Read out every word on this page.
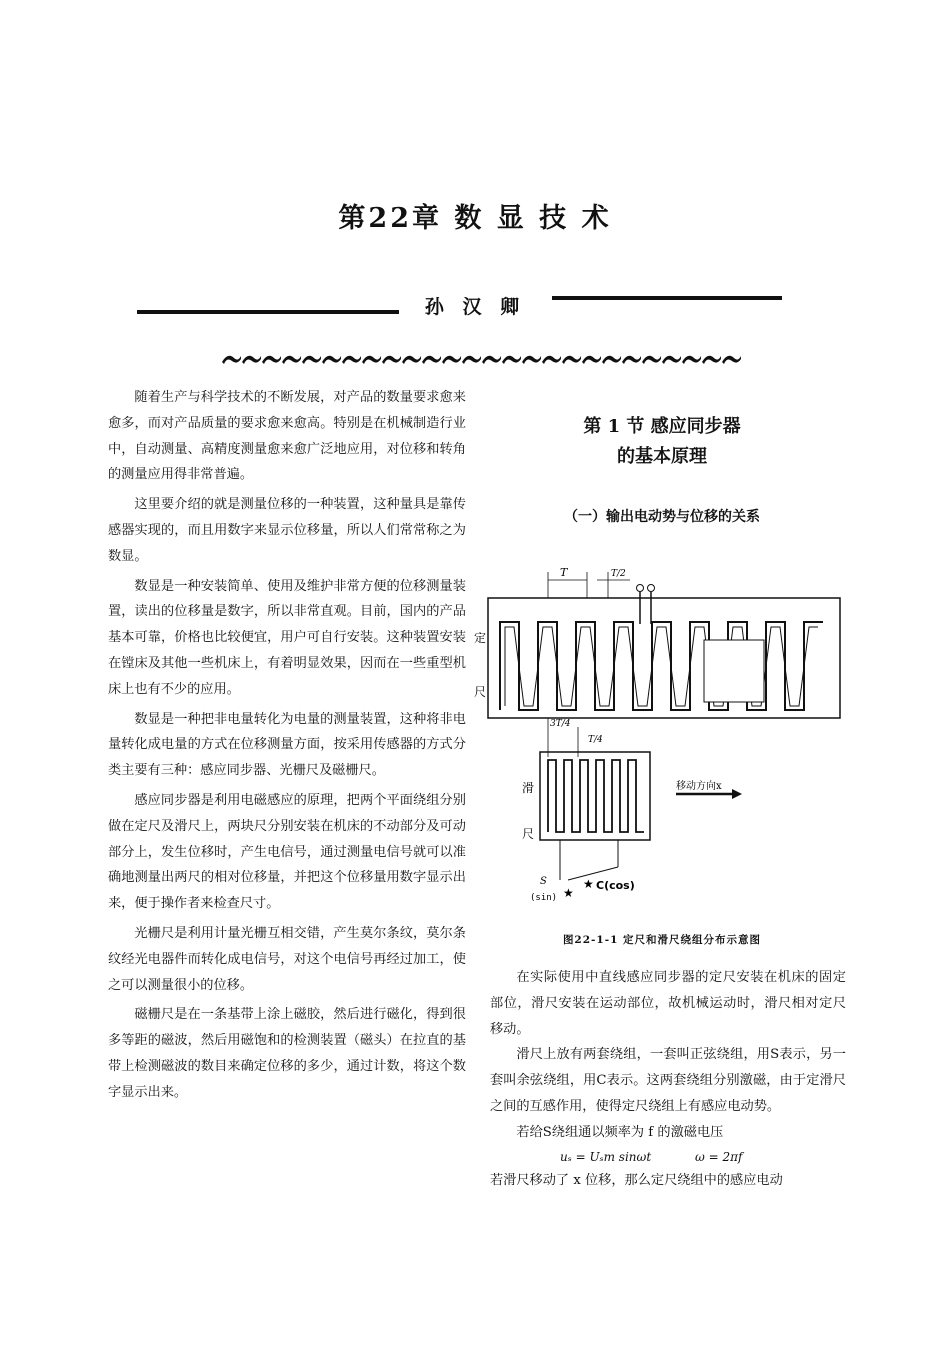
第22章 数 显 技 术
孙 汉 卿

随着生产与科学技术的不断发展，对产品的数量要求愈来愈多，而对产品质量的要求愈来愈高。特别是在机械制造行业中，自动测量、高精度测量愈来愈广泛地应用，对位移和转角的测量应用得非常普遍。

这里要介绍的就是测量位移的一种装置，这种量具是靠传感器实现的，而且用数字来显示位移量，所以人们常常称之为数显。

数显是一种安装简单、使用及维护非常方便的位移测量装置，读出的位移量是数字，所以非常直观。目前，国内的产品基本可靠，价格也比较便宜，用户可自行安装。这种装置安装在镗床及其他一些机床上，有着明显效果，因而在一些重型机床上也有不少的应用。

数显是一种把非电量转化为电量的测量装置，这种将非电量转化成电量的方式在位移测量方面，按采用传感器的方式分类主要有三种：感应同步器、光栅尺及磁栅尺。

感应同步器是利用电磁感应的原理，把两个平面绕组分别做在定尺及滑尺上，两块尺分别安装在机床的不动部分及可动部分上，发生位移时，产生电信号，通过测量电信号就可以准确地测量出两尺的相对位移量，并把这个位移量用数字显示出来，便于操作者来检查尺寸。

光栅尺是利用计量光栅互相交错，产生莫尔条纹，莫尔条纹经光电器件而转化成电信号，对这个电信号再经过加工，使之可以测量很小的位移。

磁栅尺是在一条基带上涂上磁胶，然后进行磁化，得到很多等距的磁波，然后用磁饱和的检测装置（磁头）在拉直的基带上检测磁波的数目来确定位移的多少，通过计数，将这个数字显示出来。

第 1 节 感应同步器
的基本原理
（一）输出电动势与位移的关系
定
尺
T	T/2
3T/4
T/4
滑
尺
S
(sin) ★
★ C(cos)
移动方向x
图22-1-1 定尺和滑尺绕组分布示意图

在实际使用中直线感应同步器的定尺安装在机床的固定部位，滑尺安装在运动部位，故机械运动时，滑尺相对定尺移动。

滑尺上放有两套绕组，一套叫正弦绕组，用S表示，另一套叫余弦绕组，用C表示。这两套绕组分别激磁，由于定滑尺之间的互感作用，使得定尺绕组上有感应电动势。

若给S绕组通以频率为 f 的激磁电压

uₛ = Uₛm sinωt	ω = 2πf

若滑尺移动了 x 位移，那么定尺绕组中的感应电动
